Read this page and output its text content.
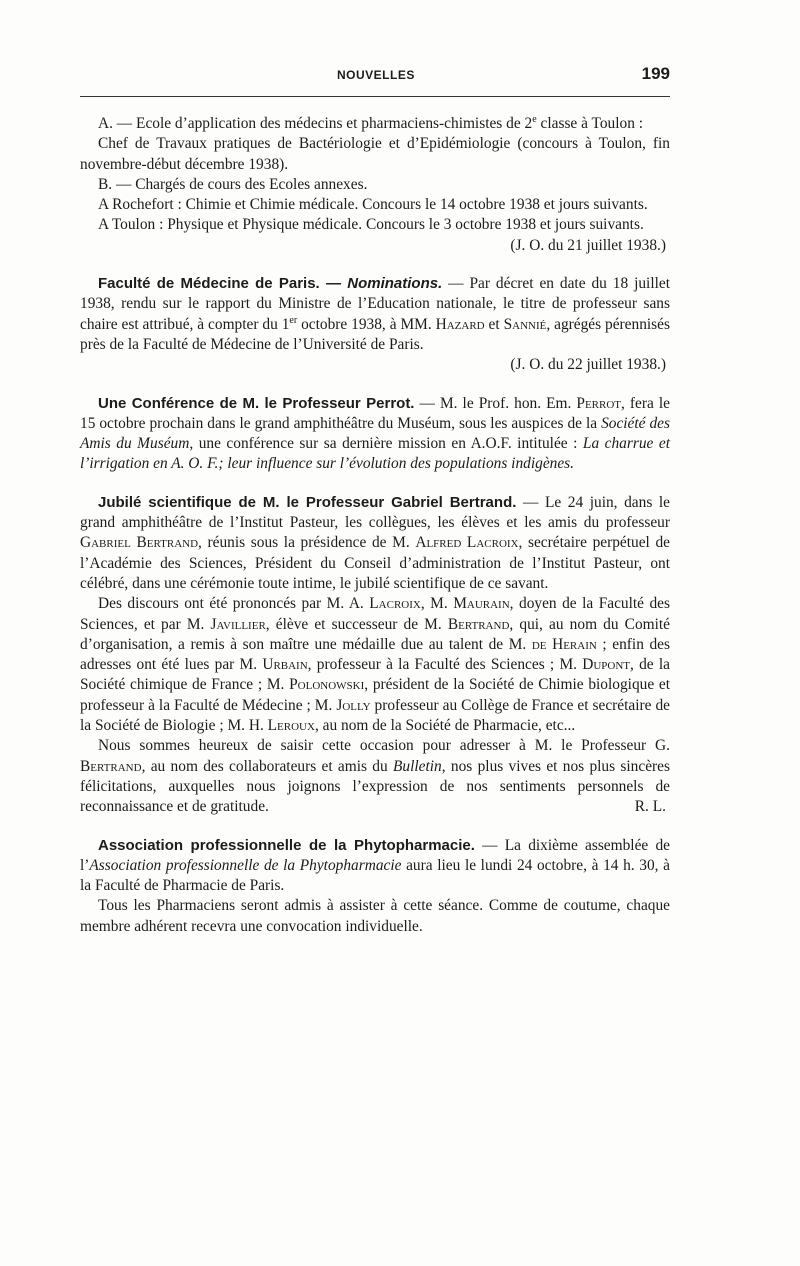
NOUVELLES	199

A. — Ecole d’application des médecins et pharmaciens-chimistes de 2e classe à Toulon :

Chef de Travaux pratiques de Bactériologie et d’Epidémiologie (concours à Toulon, fin novembre-début décembre 1938).

B. — Chargés de cours des Ecoles annexes.

A Rochefort : Chimie et Chimie médicale. Concours le 14 octobre 1938 et jours suivants.

A Toulon : Physique et Physique médicale. Concours le 3 octobre 1938 et jours suivants.

(J. O. du 21 juillet 1938.)

Faculté de Médecine de Paris. — Nominations. — Par décret en date du 18 juillet 1938, rendu sur le rapport du Ministre de l’Education nationale, le titre de professeur sans chaire est attribué, à compter du 1er octobre 1938, à MM. Hazard et Sannié, agrégés pérennisés près de la Faculté de Médecine de l’Université de Paris.

(J. O. du 22 juillet 1938.)

Une Conférence de M. le Professeur Perrot. — M. le Prof. hon. Em. Perrot, fera le 15 octobre prochain dans le grand amphithéâtre du Muséum, sous les auspices de la Société des Amis du Muséum, une conférence sur sa dernière mission en A.O.F. intitulée : La charrue et l’irrigation en A. O. F.; leur influence sur l’évolution des populations indigènes.

Jubilé scientifique de M. le Professeur Gabriel Bertrand. — Le 24 juin, dans le grand amphithéâtre de l’Institut Pasteur, les collègues, les élèves et les amis du professeur Gabriel Bertrand, réunis sous la présidence de M. Alfred Lacroix, secrétaire perpétuel de l’Académie des Sciences, Président du Conseil d’administration de l’Institut Pasteur, ont célébré, dans une cérémonie toute intime, le jubilé scientifique de ce savant.

Des discours ont été prononcés par M. A. Lacroix, M. Maurain, doyen de la Faculté des Sciences, et par M. Javillier, élève et successeur de M. Bertrand, qui, au nom du Comité d’organisation, a remis à son maître une médaille due au talent de M. de Herain ; enfin des adresses ont été lues par M. Urbain, professeur à la Faculté des Sciences ; M. Dupont, de la Société chimique de France ; M. Polonowski, président de la Société de Chimie biologique et professeur à la Faculté de Médecine ; M. Jolly professeur au Collège de France et secrétaire de la Société de Biologie ; M. H. Leroux, au nom de la Société de Pharmacie, etc...

Nous sommes heureux de saisir cette occasion pour adresser à M. le Professeur G. Bertrand, au nom des collaborateurs et amis du Bulletin, nos plus vives et nos plus sincères félicitations, auxquelles nous joignons l’expression de nos sentiments personnels de reconnaissance et de gratitude.	R. L.

Association professionnelle de la Phytopharmacie. — La dixième assemblée de l’Association professionnelle de la Phytopharmacie aura lieu le lundi 24 octobre, à 14 h. 30, à la Faculté de Pharmacie de Paris.

Tous les Pharmaciens seront admis à assister à cette séance. Comme de coutume, chaque membre adhérent recevra une convocation individuelle.
